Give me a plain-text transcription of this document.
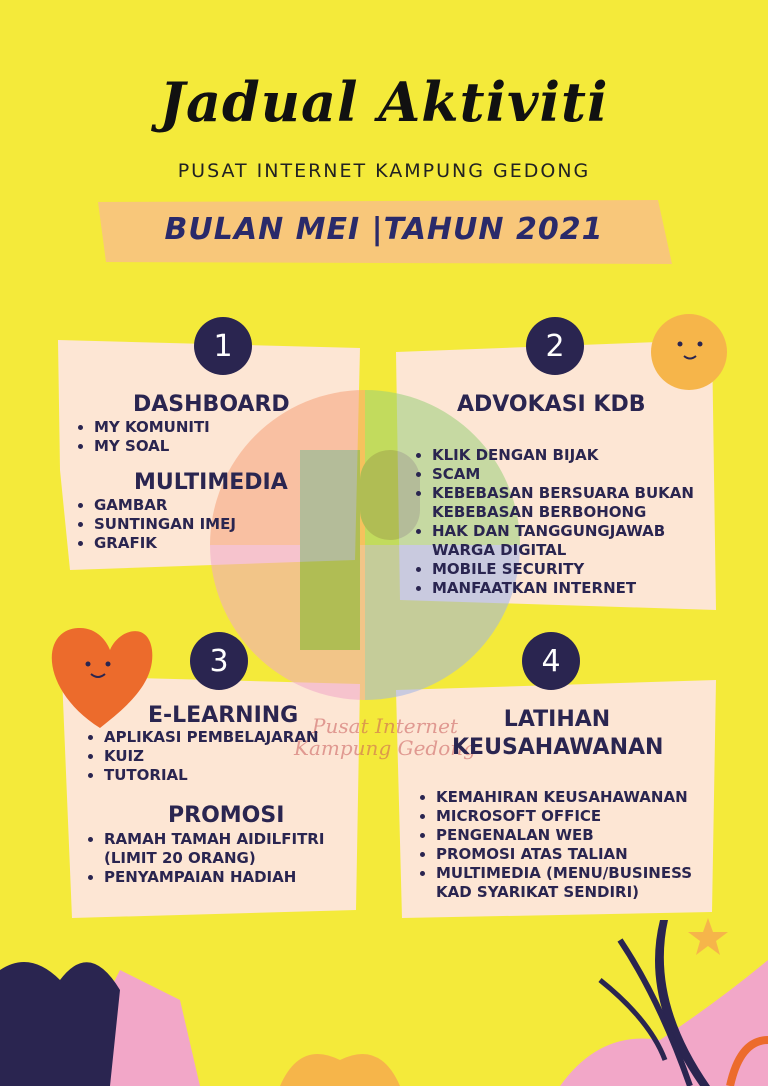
Jadual Aktiviti
PUSAT INTERNET KAMPUNG GEDONG
BULAN MEI |TAHUN 2021
Pusat Internet
Kampung Gedong
1
DASHBOARD
• MY KOMUNITI
• MY SOAL
MULTIMEDIA
• GAMBAR
• SUNTINGAN IMEJ
• GRAFIK
2
ADVOKASI KDB
• KLIK DENGAN BIJAK
• SCAM
• KEBEBASAN BERSUARA BUKAN KEBEBASAN BERBOHONG
• HAK DAN TANGGUNGJAWAB WARGA DIGITAL
• MOBILE SECURITY
• MANFAATKAN INTERNET
3
E-LEARNING
• APLIKASI PEMBELAJARAN
• KUIZ
• TUTORIAL
PROMOSI
• RAMAH TAMAH AIDILFITRI (LIMIT 20 ORANG)
• PENYAMPAIAN HADIAH
4
LATIHAN KEUSAHAWANAN
• KEMAHIRAN KEUSAHAWANAN
• MICROSOFT OFFICE
• PENGENALAN WEB
• PROMOSI ATAS TALIAN
• MULTIMEDIA (MENU/BUSINESS KAD SYARIKAT SENDIRI)
